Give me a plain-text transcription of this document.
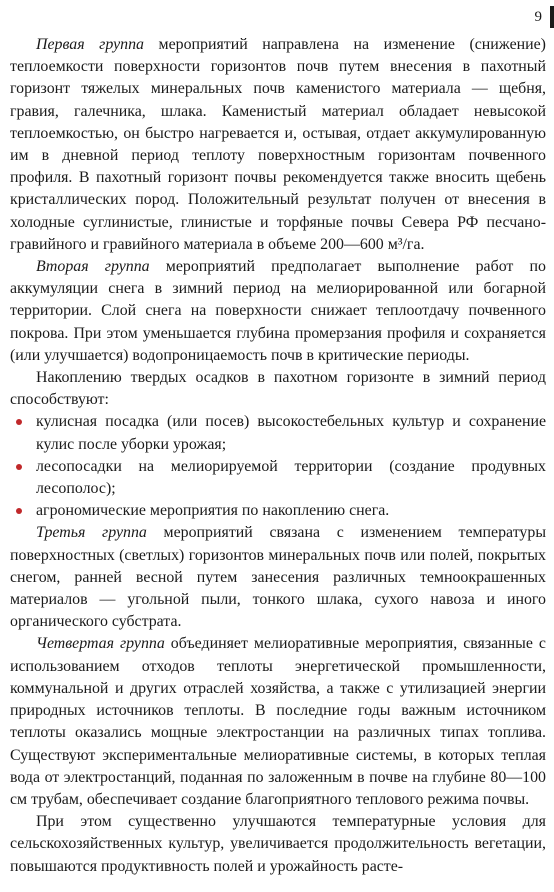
9

Первая группа мероприятий направлена на изменение (снижение) теплоемкости поверхности горизонтов почв путем внесения в пахотный горизонт тяжелых минеральных почв каменистого материала — щебня, гравия, галечника, шлака. Каменистый материал обладает невысокой теплоемкостью, он быстро нагревается и, остывая, отдает аккумулированную им в дневной период теплоту поверхностным горизонтам почвенного профиля. В пахотный горизонт почвы рекомендуется также вносить щебень кристаллических пород. Положительный результат получен от внесения в холодные суглинистые, глинистые и торфяные почвы Севера РФ песчано-гравийного и гравийного материала в объеме 200—600 м³/га.

Вторая группа мероприятий предполагает выполнение работ по аккумуляции снега в зимний период на мелиорированной или богарной территории. Слой снега на поверхности снижает теплоотдачу почвенного покрова. При этом уменьшается глубина промерзания профиля и сохраняется (или улучшается) водопроницаемость почв в критические периоды.

Накоплению твердых осадков в пахотном горизонте в зимний период способствуют:

кулисная посадка (или посев) высокостебельных культур и сохранение кулис после уборки урожая;
лесопосадки на мелиорируемой территории (создание продувных лесополос);
агрономические мероприятия по накоплению снега.

Третья группа мероприятий связана с изменением температуры поверхностных (светлых) горизонтов минеральных почв или полей, покрытых снегом, ранней весной путем занесения различных темноокрашенных материалов — угольной пыли, тонкого шлака, сухого навоза и иного органического субстрата.

Четвертая группа объединяет мелиоративные мероприятия, связанные с использованием отходов теплоты энергетической промышленности, коммунальной и других отраслей хозяйства, а также с утилизацией энергии природных источников теплоты. В последние годы важным источником теплоты оказались мощные электростанции на различных типах топлива. Существуют экспериментальные мелиоративные системы, в которых теплая вода от электростанций, поданная по заложенным в почве на глубине 80—100 см трубам, обеспечивает создание благоприятного теплового режима почвы.

При этом существенно улучшаются температурные условия для сельскохозяйственных культур, увеличивается продолжительность вегетации, повышаются продуктивность полей и урожайность расте-
